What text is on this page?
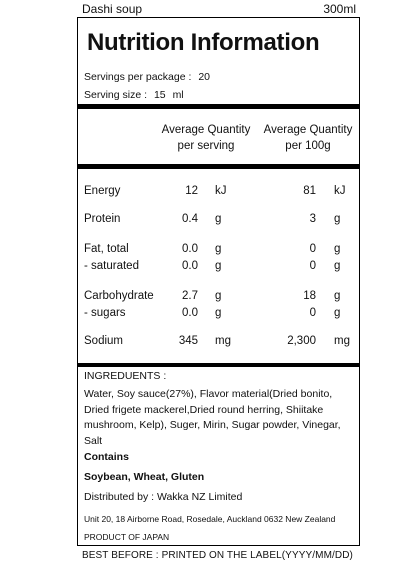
Dashi soup	300ml
Nutrition Information
Servings per package : 20
Serving size : 15 ml
Average Quantity
per serving
Average Quantity
per 100g
Energy	12 kJ	81 kJ
Protein	0.4 g	3 g
Fat, total	0.0 g	0 g
- saturated	0.0 g	0 g
Carbohydrate 2.7 g	18 g
- sugars	0.0 g	0 g
Sodium	345 mg	2,300 mg
INGREDUENTS :
Water, Soy sauce(27%), Flavor material(Dried bonito, Dried frigete mackerel,Dried round herring, Shiitake mushroom, Kelp), Suger, Mirin, Sugar powder, Vinegar, Salt
Contains
Soybean, Wheat, Gluten
Distributed by : Wakka NZ Limited
Unit 20, 18 Airborne Road, Rosedale, Auckland 0632 New Zealand
PRODUCT OF JAPAN
BEST BEFORE : PRINTED ON THE LABEL(YYYY/MM/DD)
